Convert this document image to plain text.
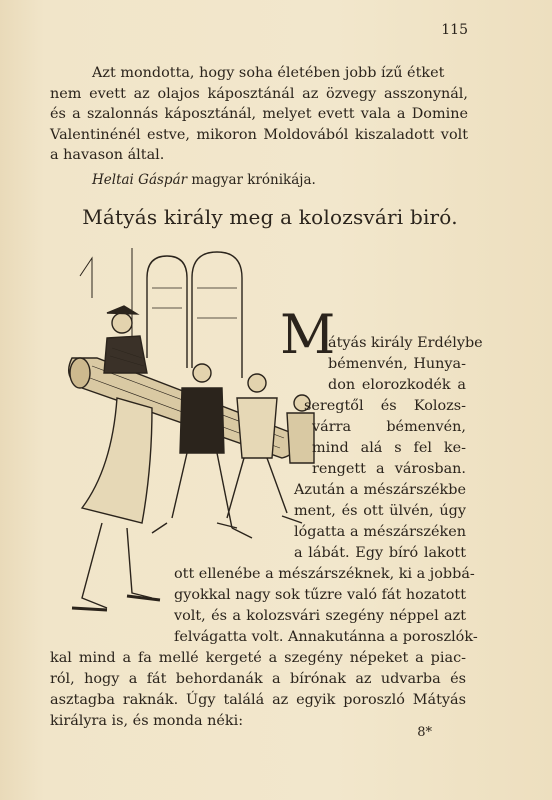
115
Azt mondotta, hogy soha életében jobb ízű étket
nem evett az olajos káposztánál az özvegy asszonynál,
és a szalonnás káposztánál, melyet evett vala a Domine
Valentinénél estve, mikoron Moldovából kiszaladott volt
a havason által.
Heltai Gáspár magyar krónikája.
Mátyás király meg a kolozsvári biró.
M
átyás király Erdélybe
bémenvén, Hunya-
don elorozkodék a
seregtől és Kolozs-
várra bémenvén,
mind alá s fel ke-
rengett a városban.
Azután a mészárszékbe
ment, és ott ülvén, úgy
lógatta a mészárszéken
a lábát. Egy bíró lakott
ott ellenébe a mészárszéknek, ki a jobbá-
gyokkal nagy sok tűzre való fát hozatott
volt, és a kolozsvári szegény néppel azt
felvágatta volt. Annakutánna a poroszlók-
kal mind a fa mellé kergeté a szegény népeket a piac-
ról, hogy a fát behordanák a bírónak az udvarba és
asztagba raknák. Úgy találá az egyik poroszló Mátyás
királyra is, és monda néki:
8*
